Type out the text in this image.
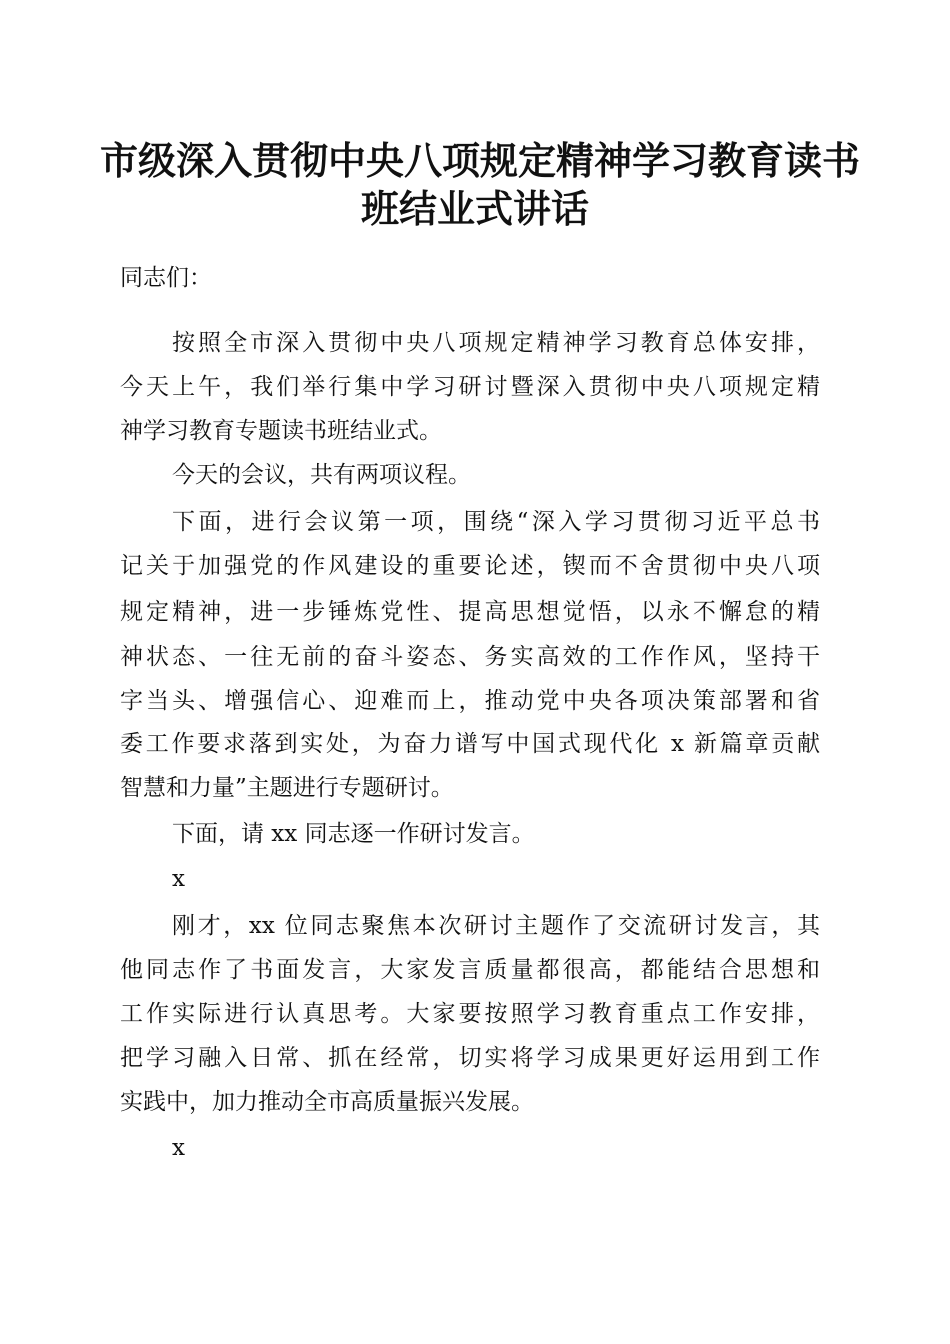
市级深入贯彻中央八项规定精神学习教育读书
班结业式讲话
同志们：
按照全市深入贯彻中央八项规定精神学习教育总体安排，
今天上午，我们举行集中学习研讨暨深入贯彻中央八项规定精
神学习教育专题读书班结业式。
今天的会议，共有两项议程。
下面，进行会议第一项，围绕“深入学习贯彻习近平总书
记关于加强党的作风建设的重要论述，锲而不舍贯彻中央八项
规定精神，进一步锤炼党性、提高思想觉悟，以永不懈怠的精
神状态、一往无前的奋斗姿态、务实高效的工作作风，坚持干
字当头、增强信心、迎难而上，推动党中央各项决策部署和省
委工作要求落到实处，为奋力谱写中国式现代化 x 新篇章贡献
智慧和力量”主题进行专题研讨。
下面，请 xx 同志逐一作研讨发言。
x
刚才，xx 位同志聚焦本次研讨主题作了交流研讨发言，其
他同志作了书面发言，大家发言质量都很高，都能结合思想和
工作实际进行认真思考。大家要按照学习教育重点工作安排，
把学习融入日常、抓在经常，切实将学习成果更好运用到工作
实践中，加力推动全市高质量振兴发展。
x
